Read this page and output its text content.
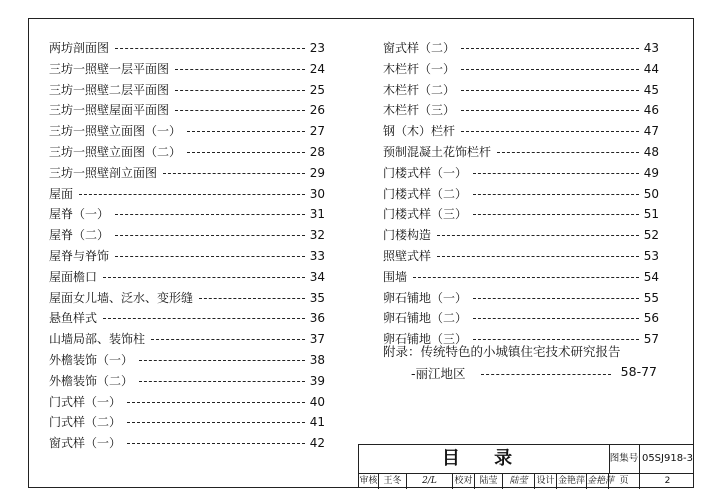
两坊剖面图	23
三坊一照壁一层平面图	24
三坊一照壁二层平面图	25
三坊一照壁屋面平面图	26
三坊一照壁立面图（一）	27
三坊一照壁立面图（二）	28
三坊一照壁剖立面图	29
屋面	30
屋脊（一）	31
屋脊（二）	32
屋脊与脊饰	33
屋面檐口	34
屋面女儿墙、泛水、变形缝	35
悬鱼样式	36
山墙局部、装饰柱	37
外檐装饰（一）	38
外檐装饰（二）	39
门式样（一）	40
门式样（二）	41
窗式样（一）	42
窗式样（二）	43
木栏杆（一）	44
木栏杆（二）	45
木栏杆（三）	46
钢（木）栏杆	47
预制混凝土花饰栏杆	48
门楼式样（一）	49
门楼式样（二）	50
门楼式样（三）	51
门楼构造	52
照壁式样	53
围墙	54
卵石铺地（一）	55
卵石铺地（二）	56
卵石铺地（三）	57
附录：传统特色的小城镇住宅技术研究报告
-丽江地区	58-77
目 录	图集号 05SJ918-3
审核 王冬	2/L	校对 陆莹	陆莹 设计 金艳萍 金艳萍 页	2
